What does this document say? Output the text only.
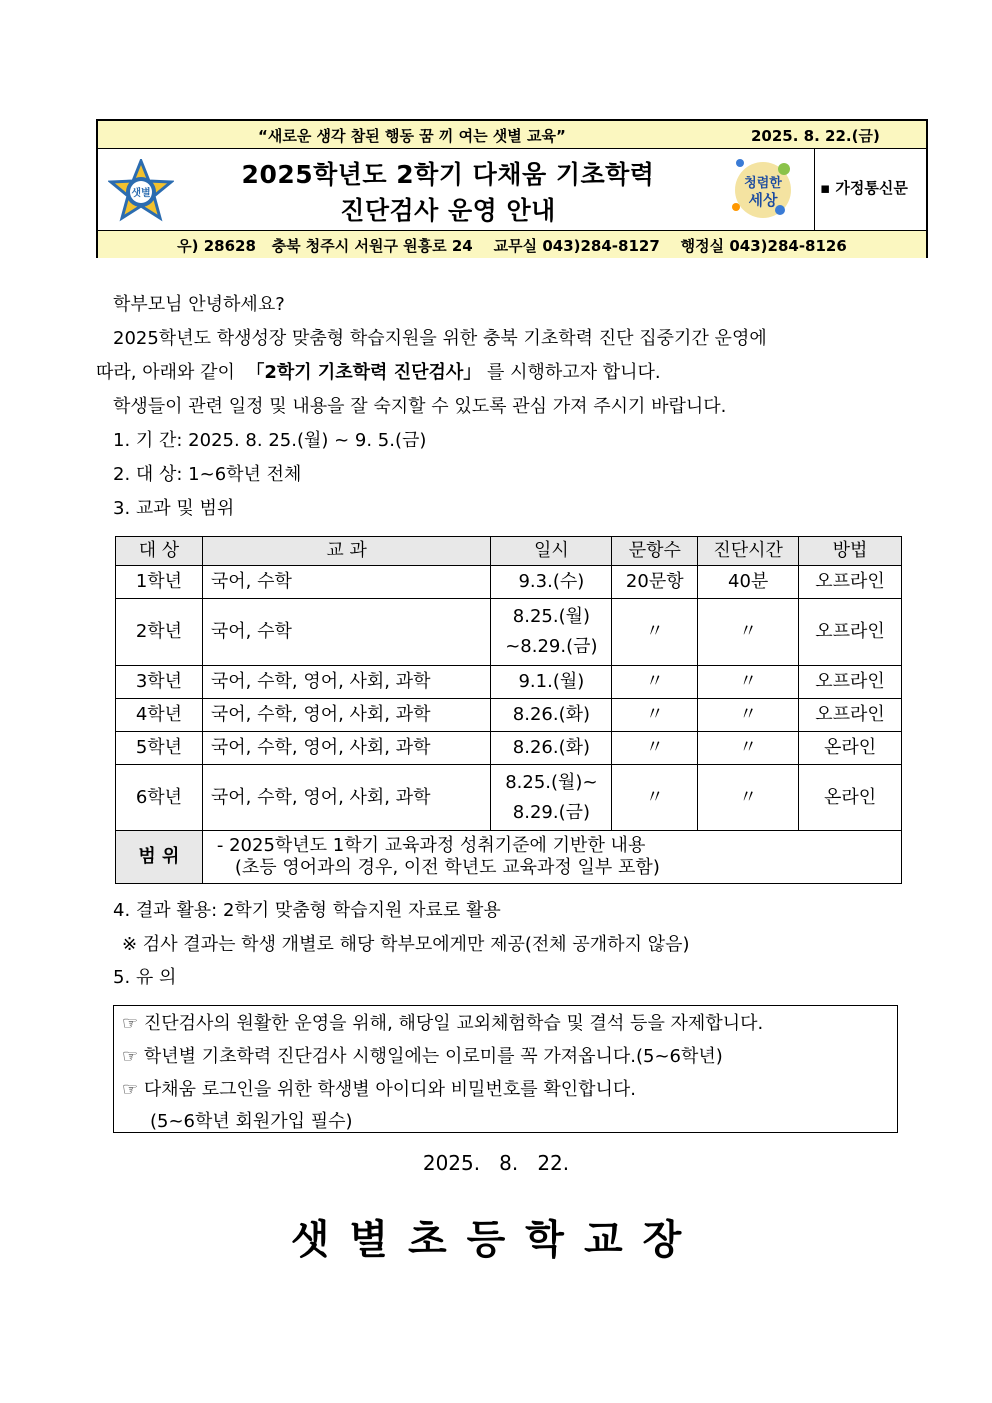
“새로운 생각 참된 행동 꿈 끼 여는 샛별 교육”	2025. 8. 22.(금)
샛별
2025학년도 2학기 다채움 기초학력
진단검사 운영 안내
청렴한
세상
▪ 가정통신문
우) 28628   충북 청주시 서원구 원흥로 24    교무실 043)284-8127    행정실 043)284-8126
학부모님 안녕하세요?
2025학년도 학생성장 맞춤형 학습지원을 위한 충북 기초학력 진단 집중기간 운영에
따라, 아래와 같이  「2학기 기초학력 진단검사」 를 시행하고자 합니다.
학생들이 관련 일정 및 내용을 잘 숙지할 수 있도록 관심 가져 주시기 바랍니다.
1. 기 간: 2025. 8. 25.(월) ~ 9. 5.(금)
2. 대 상: 1~6학년 전체
3. 교과 및 범위
대 상	교 과	일시	문항수	진단시간	방법
1학년	국어, 수학	9.3.(수)	20문항	40분	오프라인
2학년	국어, 수학	8.25.(월)
~8.29.(금)	〃	〃	오프라인
3학년	국어, 수학, 영어, 사회, 과학	9.1.(월)	〃	〃	오프라인
4학년	국어, 수학, 영어, 사회, 과학	8.26.(화)	〃	〃	오프라인
5학년	국어, 수학, 영어, 사회, 과학	8.26.(화)	〃	〃	온라인
6학년	국어, 수학, 영어, 사회, 과학	8.25.(월)~
8.29.(금)	〃	〃	온라인
범 위	- 2025학년도 1학기 교육과정 성취기준에 기반한 내용
(초등 영어과의 경우, 이전 학년도 교육과정 일부 포함)				
4. 결과 활용: 2학기 맞춤형 학습지원 자료로 활용
※ 검사 결과는 학생 개별로 해당 학부모에게만 제공(전체 공개하지 않음)
5. 유 의
☞ 진단검사의 원활한 운영을 위해, 해당일 교외체험학습 및 결석 등을 자제합니다.
☞ 학년별 기초학력 진단검사 시행일에는 이로미를 꼭 가져옵니다.(5~6학년)
☞ 다채움 로그인을 위한 학생별 아이디와 비밀번호를 확인합니다.
(5~6학년 회원가입 필수)
2025.   8.   22.
샛별초등학교장
